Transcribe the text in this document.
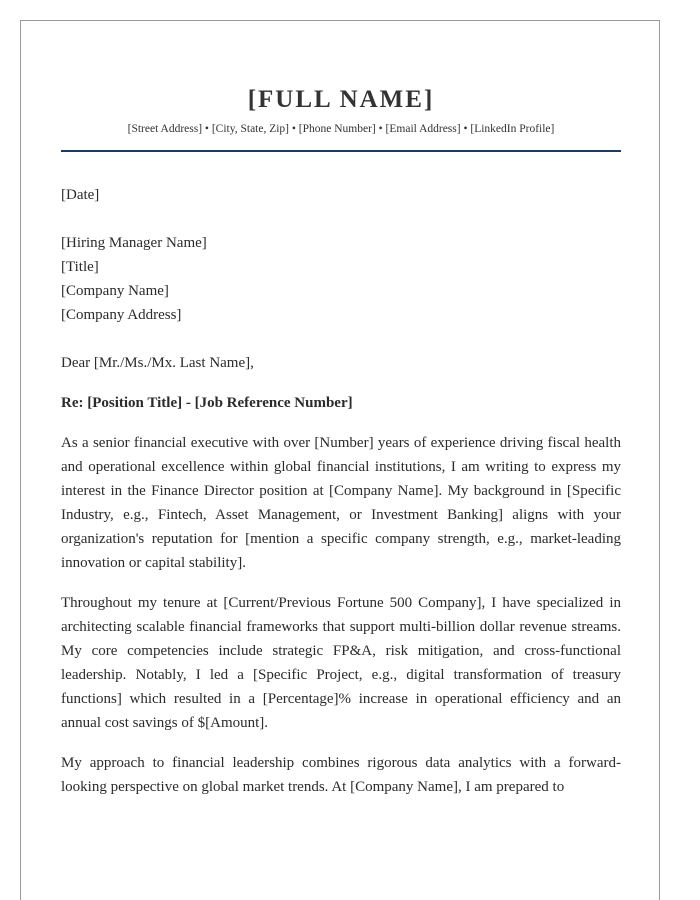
[FULL NAME]
[Street Address] • [City, State, Zip] • [Phone Number] • [Email Address] • [LinkedIn Profile]
[Date]
[Hiring Manager Name]
[Title]
[Company Name]
[Company Address]
Dear [Mr./Ms./Mx. Last Name],
Re: [Position Title] - [Job Reference Number]

As a senior financial executive with over [Number] years of experience driving fiscal health and operational excellence within global financial institutions, I am writing to express my interest in the Finance Director position at [Company Name]. My background in [Specific Industry, e.g., Fintech, Asset Management, or Investment Banking] aligns with your organization's reputation for [mention a specific company strength, e.g., market-leading innovation or capital stability].

Throughout my tenure at [Current/Previous Fortune 500 Company], I have specialized in architecting scalable financial frameworks that support multi-billion dollar revenue streams. My core competencies include strategic FP&A, risk mitigation, and cross-functional leadership. Notably, I led a [Specific Project, e.g., digital transformation of treasury functions] which resulted in a [Percentage]% increase in operational efficiency and an annual cost savings of $[Amount].

My approach to financial leadership combines rigorous data analytics with a forward-looking perspective on global market trends. At [Company Name], I am prepared to
